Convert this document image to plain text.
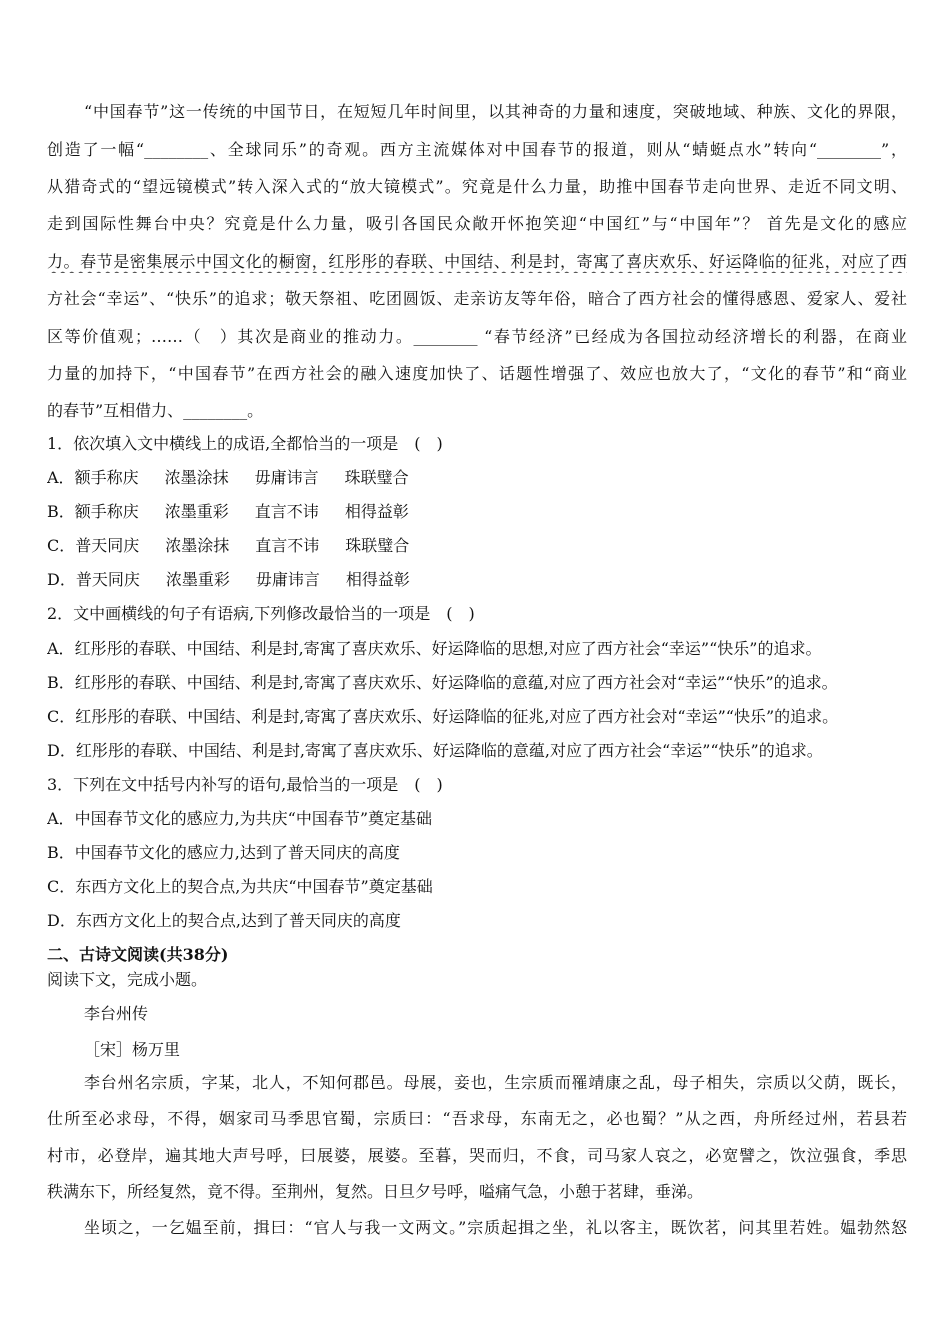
“中国春节”这一传统的中国节日，在短短几年时间里，以其神奇的力量和速度，突破地域、种族、文化的界限，
创造了一幅“________、全球同乐”的奇观。西方主流媒体对中国春节的报道，则从“蜻蜓点水”转向“________”，
从猎奇式的“望远镜模式”转入深入式的“放大镜模式”。究竟是什么力量，助推中国春节走向世界、走近不同文明、
走到国际性舞台中央？究竟是什么力量，吸引各国民众敞开怀抱笑迎“中国红”与“中国年”？ 首先是文化的感应
力。春节是密集展示中国文化的橱窗，红彤彤的春联、中国结、利是封，寄寓了喜庆欢乐、好运降临的征兆，对应了西
方社会“幸运”、“快乐”的追求；敬天祭祖、吃团圆饭、走亲访友等年俗，暗合了西方社会的懂得感恩、爱家人、爱社
区等价值观；……（　）其次是商业的推动力。________ “春节经济”已经成为各国拉动经济增长的利器，在商业
力量的加持下，“中国春节”在西方社会的融入速度加快了、话题性增强了、效应也放大了，“文化的春节”和“商业
的春节”互相借力、________。
1．依次填入文中横线上的成语,全都恰当的一项是　(　)
A．额手称庆 浓墨涂抹 毋庸讳言 珠联璧合
B．额手称庆 浓墨重彩 直言不讳 相得益彰
C．普天同庆 浓墨涂抹 直言不讳 珠联璧合
D．普天同庆 浓墨重彩 毋庸讳言 相得益彰
2．文中画横线的句子有语病,下列修改最恰当的一项是　(　)
A．红彤彤的春联、中国结、利是封,寄寓了喜庆欢乐、好运降临的思想,对应了西方社会“幸运”“快乐”的追求。
B．红彤彤的春联、中国结、利是封,寄寓了喜庆欢乐、好运降临的意蕴,对应了西方社会对“幸运”“快乐”的追求。
C．红彤彤的春联、中国结、利是封,寄寓了喜庆欢乐、好运降临的征兆,对应了西方社会对“幸运”“快乐”的追求。
D．红彤彤的春联、中国结、利是封,寄寓了喜庆欢乐、好运降临的意蕴,对应了西方社会“幸运”“快乐”的追求。
3．下列在文中括号内补写的语句,最恰当的一项是　(　)
A．中国春节文化的感应力,为共庆“中国春节”奠定基础
B．中国春节文化的感应力,达到了普天同庆的高度
C．东西方文化上的契合点,为共庆“中国春节”奠定基础
D．东西方文化上的契合点,达到了普天同庆的高度
二、古诗文阅读(共38分)
阅读下文，完成小题。
李台州传
［宋］杨万里
李台州名宗质，字某，北人，不知何郡邑。母展，妾也，生宗质而罹靖康之乱，母子相失，宗质以父荫，既长，
仕所至必求母，不得，姻家司马季思官蜀，宗质曰：“吾求母，东南无之，必也蜀？”从之西，舟所经过州，若县若
村市，必登岸，遍其地大声号呼，曰展婆，展婆。至暮，哭而归，不食，司马家人哀之，必宽譬之，饮泣强食，季思
秩满东下，所经复然，竟不得。至荆州，复然。日旦夕号呼，嗌痛气急，小憩于茗肆，垂涕。
坐顷之，一乞媪至前，揖曰：“官人与我一文两文。”宗质起揖之坐，礼以客主，既饮茗，问其里若姓。媪勃然怒
